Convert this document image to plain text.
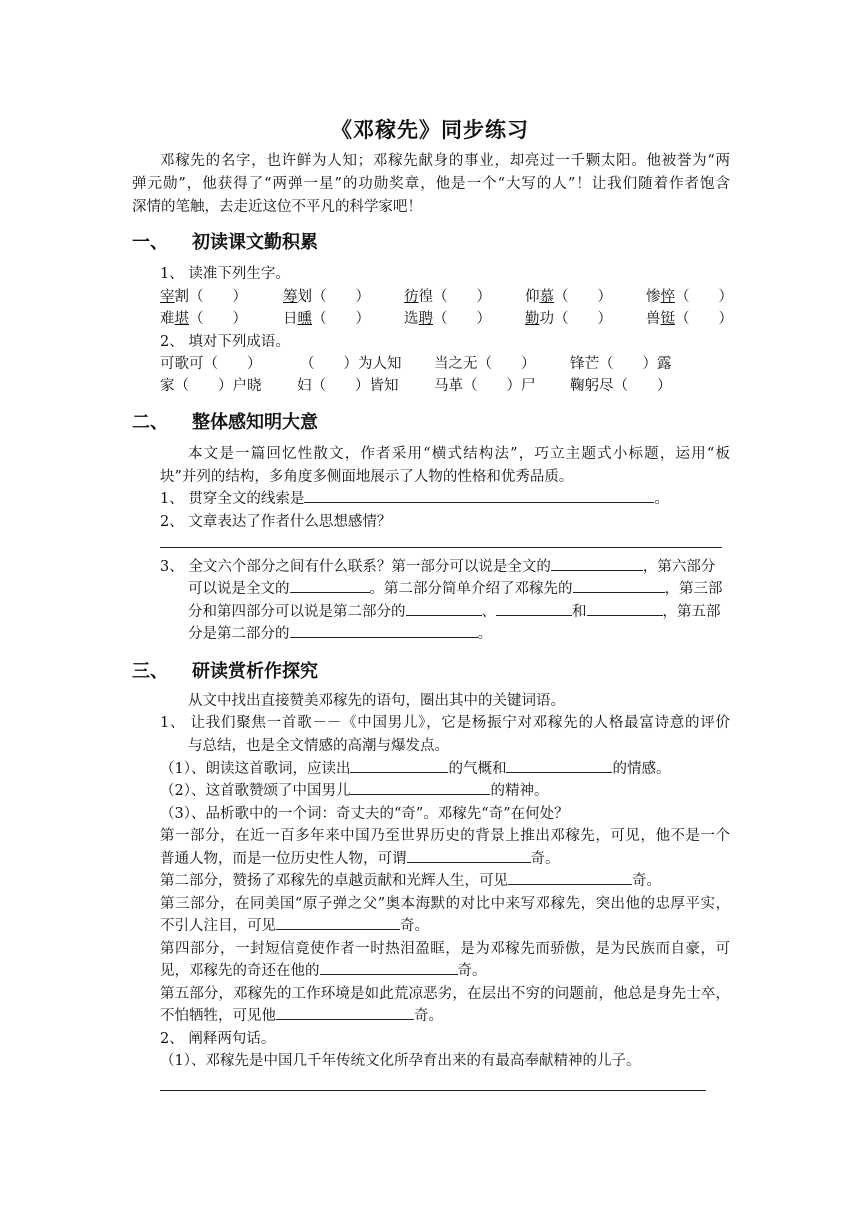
《邓稼先》同步练习
邓稼先的名字，也许鲜为人知；邓稼先献身的事业，却亮过一千颗太阳。他被誉为“两
弹元勋”，他获得了“两弹一星”的功勋奖章，他是一个“大写的人”！让我们随着作者饱含
深情的笔触，去走近这位不平凡的科学家吧！
一、 初读课文勤积累
1、 读准下列生字。
宰割（　　） 筹划（　　） 彷徨（　　） 仰慕（　　） 惨悴（　　）
难堪（　　） 日曛（　　） 选聘（　　） 勤功（　　） 兽铤（　　）
2、 填对下列成语。
可歌可（　　）	（　　）为人知 当之无（　　） 锋芒（　　）露
家（　　）户晓 妇（　　）皆知 马革（　　）尸 鞠躬尽（　　）
二、 整体感知明大意
本文是一篇回忆性散文，作者采用“横式结构法”，巧立主题式小标题，运用“板
块”并列的结构，多角度多侧面地展示了人物的性格和优秀品质。
1、 贯穿全文的线索是	。
2、 文章表达了作者什么思想感情？
3、 全文六个部分之间有什么联系？第一部分可以说是全文的	，第六部分
可以说是全文的	。第二部分简单介绍了邓稼先的	，第三部
分和第四部分可以说是第二部分的	、	和	，第五部
分是第二部分的	。
三、 研读赏析作探究
从文中找出直接赞美邓稼先的语句，圈出其中的关键词语。
1、 让我们聚焦一首歌－－《中国男儿》，它是杨振宁对邓稼先的人格最富诗意的评价
与总结，也是全文情感的高潮与爆发点。
（1）、朗读这首歌词，应读出	的气概和	的情感。
（2）、这首歌赞颂了中国男儿	的精神。
（3）、品析歌中的一个词：奇丈夫的“奇”。邓稼先“奇”在何处？
第一部分，在近一百多年来中国乃至世界历史的背景上推出邓稼先，可见，他不是一个
普通人物，而是一位历史性人物，可谓	奇。
第二部分，赞扬了邓稼先的卓越贡献和光辉人生，可见	奇。
第三部分，在同美国“原子弹之父”奥本海默的对比中来写邓稼先，突出他的忠厚平实，
不引人注目，可见	奇。
第四部分，一封短信竟使作者一时热泪盈眶，是为邓稼先而骄傲，是为民族而自豪，可
见，邓稼先的奇还在他的	奇。
第五部分，邓稼先的工作环境是如此荒凉恶劣，在层出不穷的问题前，他总是身先士卒，
不怕牺牲，可见他	奇。
2、 阐释两句话。
（1）、邓稼先是中国几千年传统文化所孕育出来的有最高奉献精神的儿子。
